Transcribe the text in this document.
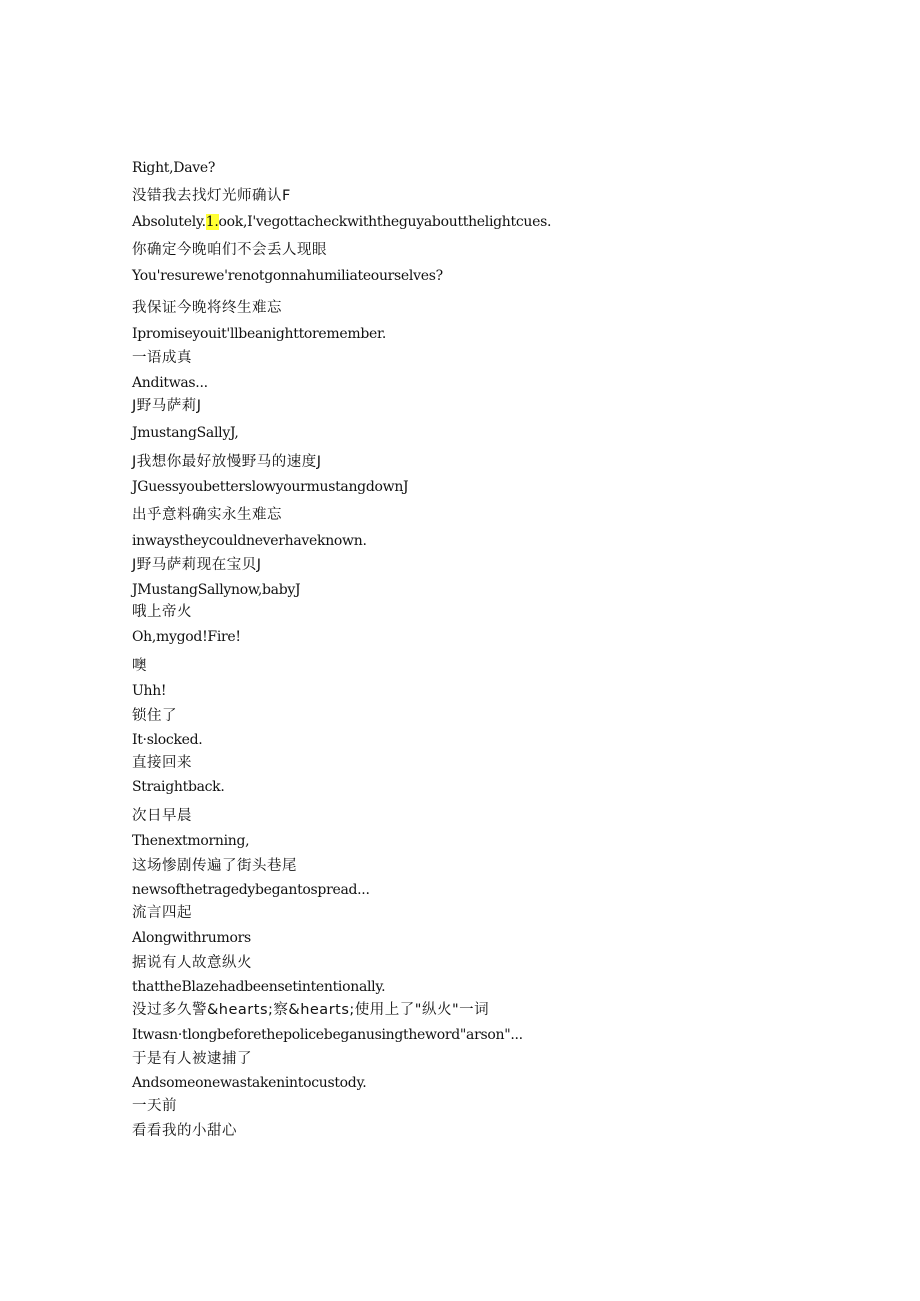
Right,Dave?
没错我去找灯光师确认F
Absolutely.1.ook,I'vegottacheckwiththeguyaboutthelightcues.
你确定今晚咱们不会丢人现眼
You'resurewe'renotgonnahumiliateourselves?
我保证今晚将终生难忘
Ipromiseyouit'llbeanighttoremember.
一语成真
Anditwas...
J野马萨莉J
JmustangSallyJ,
J我想你最好放慢野马的速度J
JGuessyoubetterslowyourmustangdownJ
出乎意料确实永生难忘
inwaystheycouldneverhaveknown.
J野马萨莉现在宝贝J
JMustangSallynow,babyJ
哦上帝火
Oh,mygod!Fire!
噢
Uhh!
锁住了
It·slocked.
直接回来
Straightback.
次日早晨
Thenextmorning,
这场惨剧传遍了街头巷尾
newsofthetragedybegantospread...
流言四起
Alongwithrumors
据说有人故意纵火
thattheBlazehadbeensetintentionally.
没过多久警&hearts;察&hearts;使用上了"纵火"一词
Itwasn·tlongbeforethepolicebeganusingtheword"arson"...
于是有人被逮捕了
Andsomeonewastakenintocustody.
一天前
看看我的小甜心
